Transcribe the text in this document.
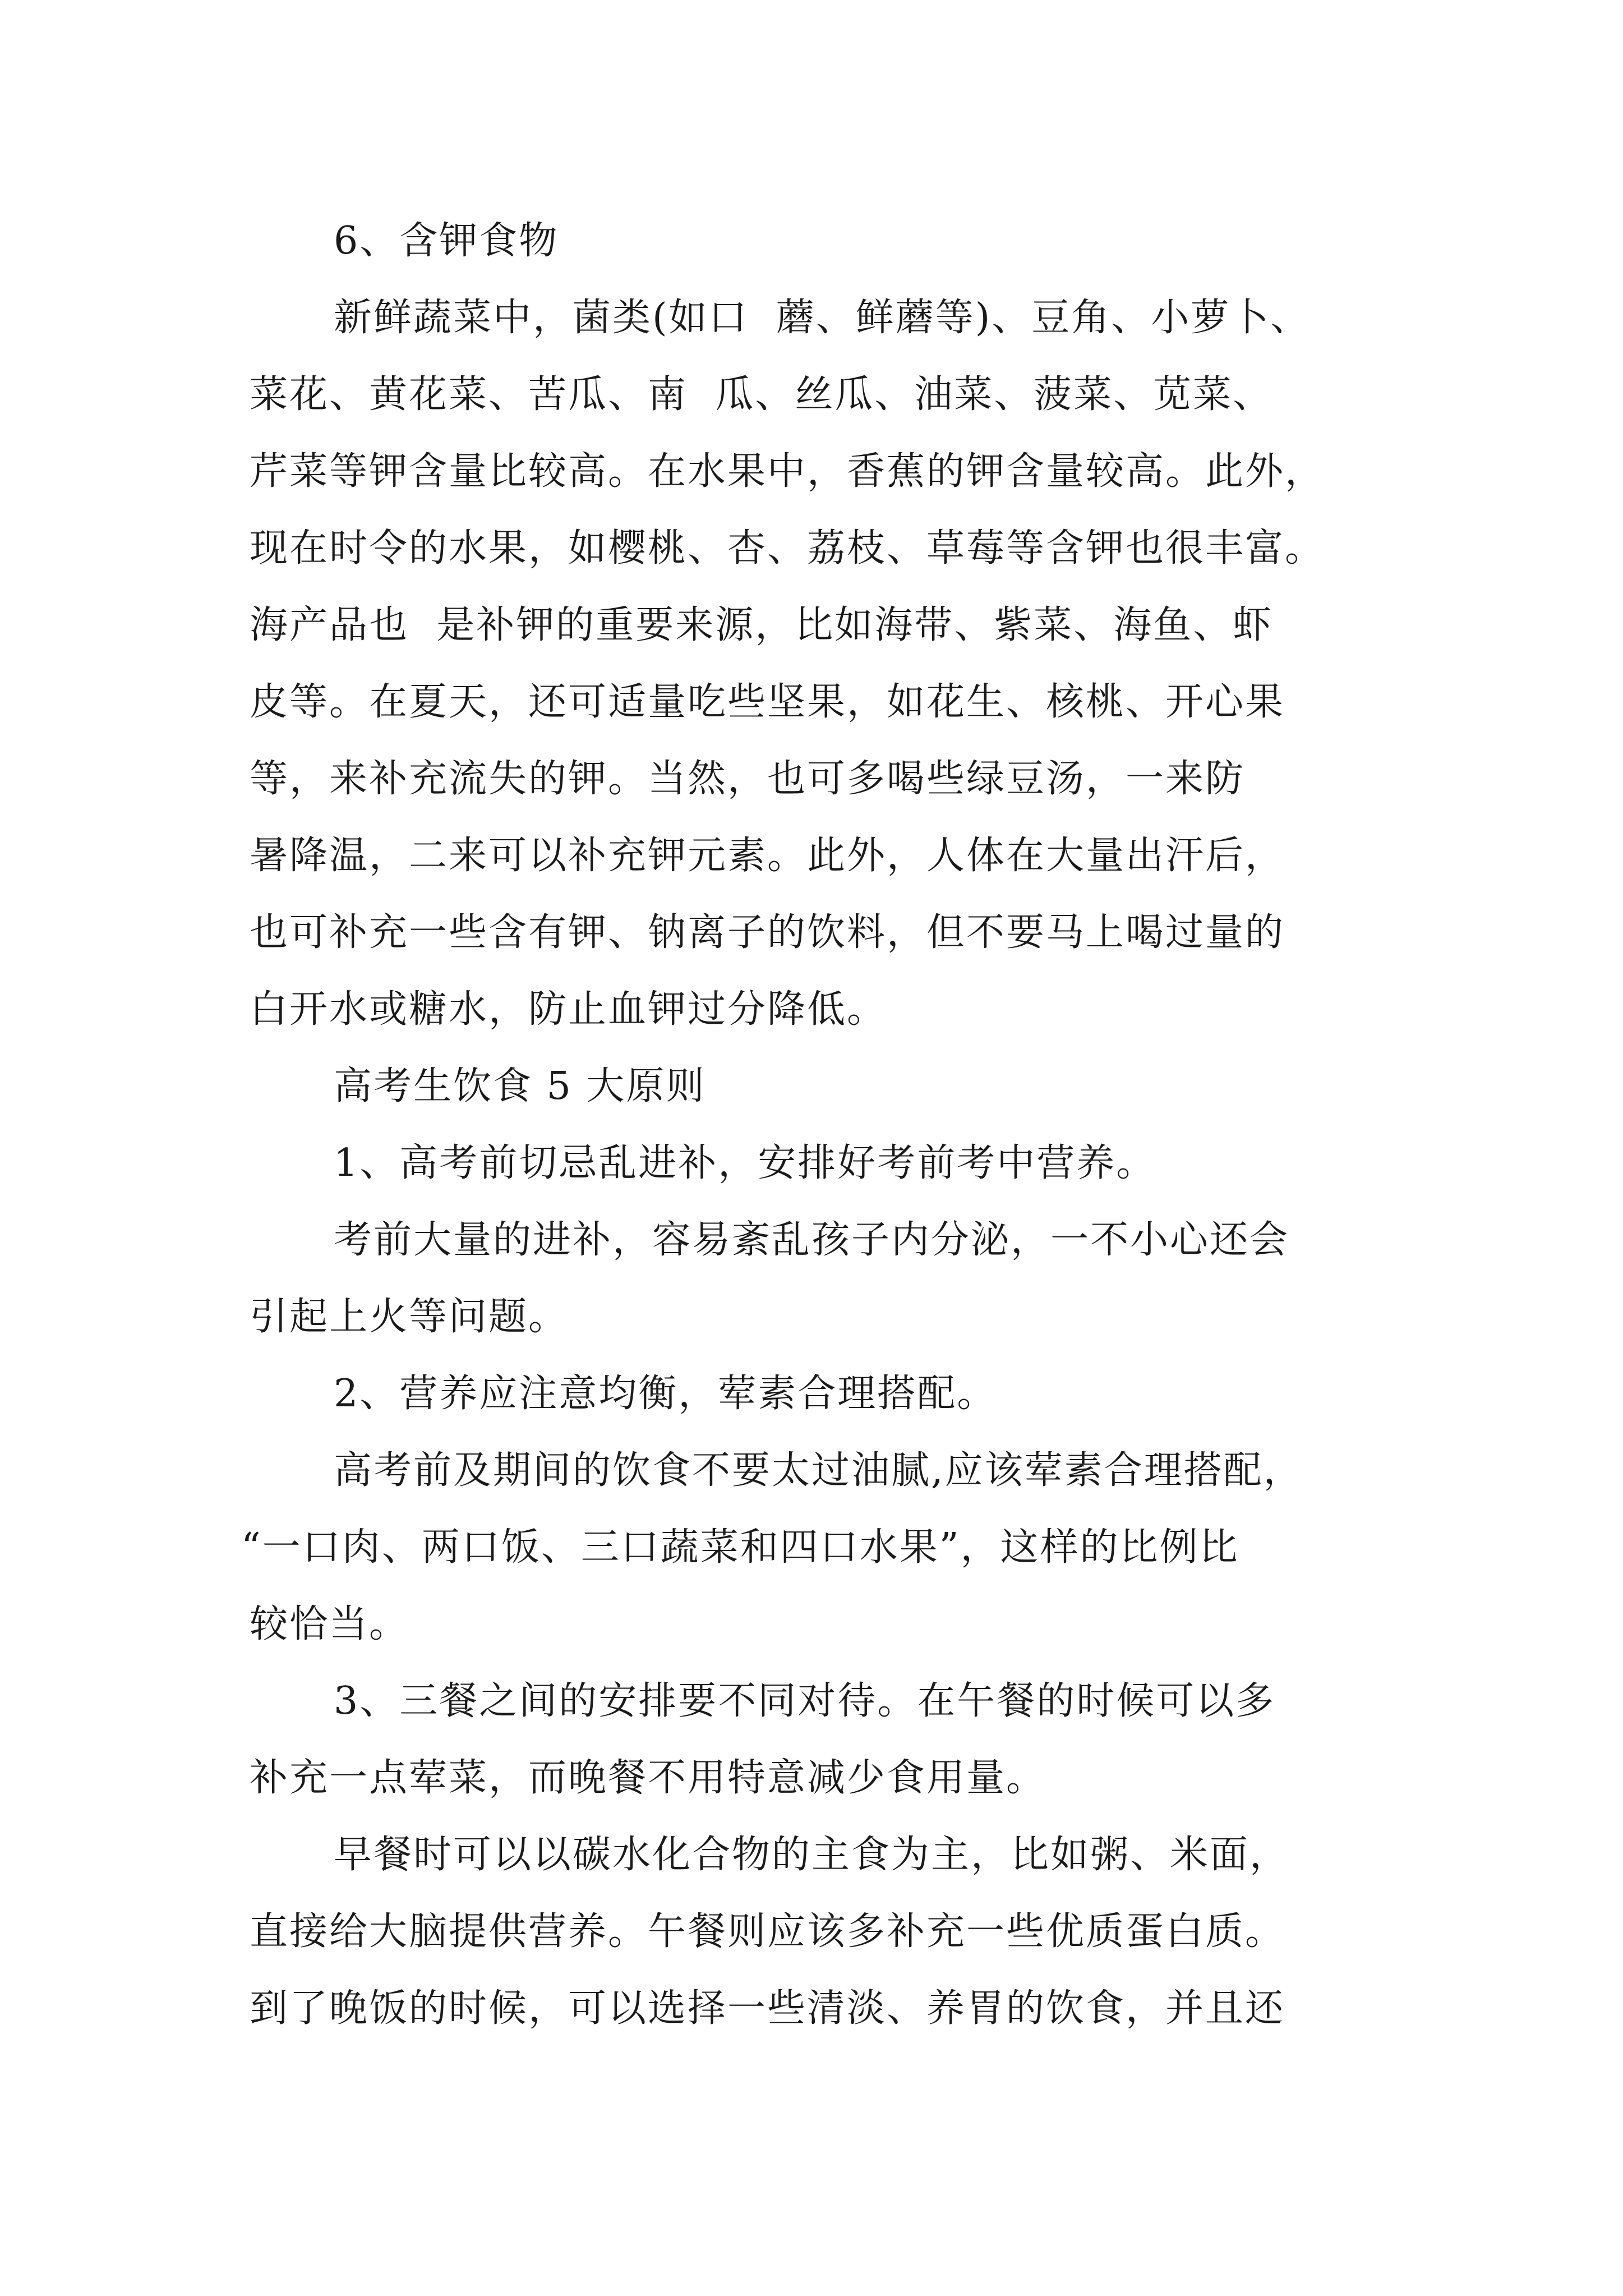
6、含钾食物

新鲜蔬菜中，菌类(如口  蘑、鲜蘑等)、豆角、小萝卜、

菜花、黄花菜、苦瓜、南  瓜、丝瓜、油菜、菠菜、苋菜、

芹菜等钾含量比较高。在水果中，香蕉的钾含量较高。此外，

现在时令的水果，如樱桃、杏、荔枝、草莓等含钾也很丰富。

海产品也  是补钾的重要来源，比如海带、紫菜、海鱼、虾

皮等。在夏天，还可适量吃些坚果，如花生、核桃、开心果

等，来补充流失的钾。当然，也可多喝些绿豆汤，一来防

暑降温，二来可以补充钾元素。此外，人体在大量出汗后，

也可补充一些含有钾、钠离子的饮料，但不要马上喝过量的

白开水或糖水，防止血钾过分降低。

高考生饮食 5 大原则

1、高考前切忌乱进补，安排好考前考中营养。

考前大量的进补，容易紊乱孩子内分泌，一不小心还会

引起上火等问题。

2、营养应注意均衡，荤素合理搭配。

高考前及期间的饮食不要太过油腻,应该荤素合理搭配，

“一口肉、两口饭、三口蔬菜和四口水果”，这样的比例比

较恰当。

3、三餐之间的安排要不同对待。在午餐的时候可以多

补充一点荤菜，而晚餐不用特意减少食用量。

早餐时可以以碳水化合物的主食为主，比如粥、米面，

直接给大脑提供营养。午餐则应该多补充一些优质蛋白质。

到了晚饭的时候，可以选择一些清淡、养胃的饮食，并且还
